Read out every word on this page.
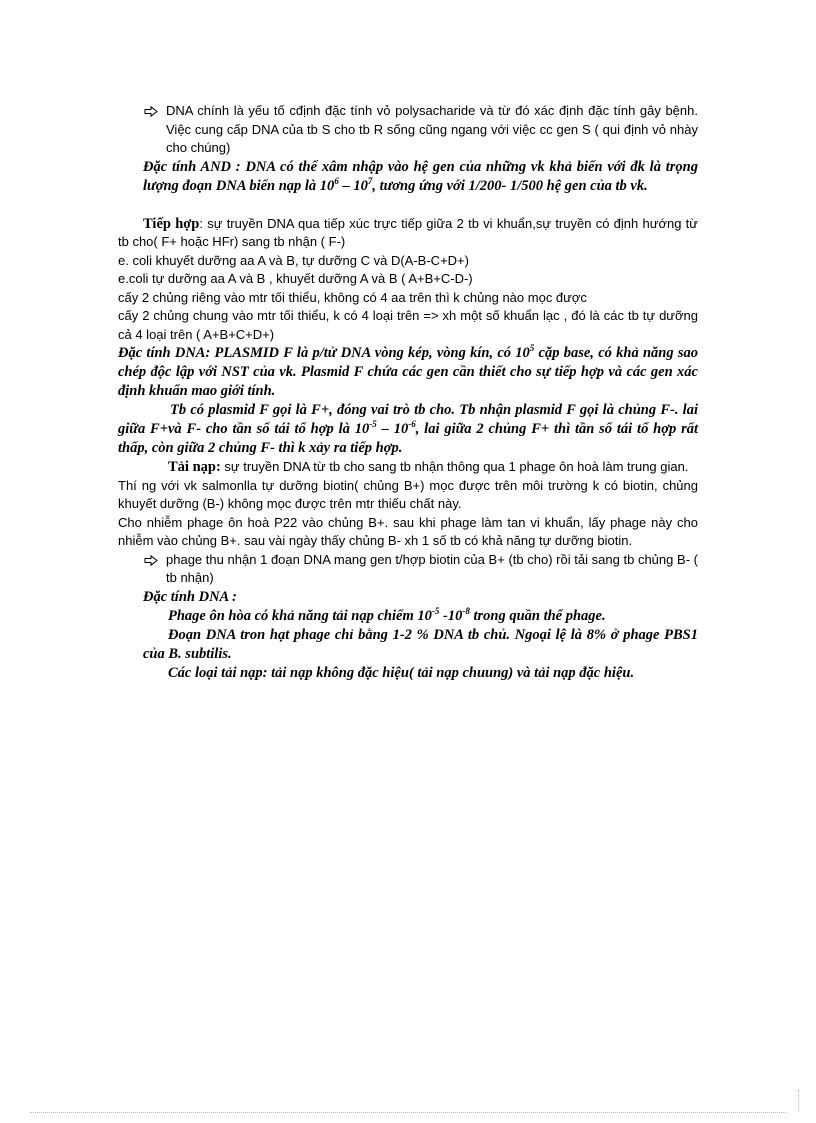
DNA chính là yếu tố cđịnh đặc tính vỏ polysacharide và từ đó xác định đặc tính gây bệnh. Việc cung cấp DNA của tb S cho tb R sống cũng ngang với việc cc gen S ( qui định vỏ nhày cho chúng)

Đặc tính AND : DNA có thể xâm nhập vào hệ gen của những vk khả biến với đk là trọng lượng đoạn DNA biến nạp là $10^6 - 10^7$, tương ứng với 1/200- 1/500 hệ gen của tb vk.

Tiếp hợp: sự truyền DNA qua tiếp xúc trực tiếp giữa 2 tb vi khuẩn,sự truyền có định hướng từ tb cho( F+ hoặc HFr) sang tb nhận ( F-)

e. coli khuyết dưỡng aa A và B, tự dưỡng C và D(A-B-C+D+)

e.coli tự dưỡng aa A và B , khuyết dưỡng A và B ( A+B+C-D-)

cấy 2 chủng riêng vào mtr tối thiểu, không có 4 aa trên thì k chủng nào mọc được

cấy 2 chủng chung vào mtr tối thiểu, k có 4 loại trên => xh một số khuẩn lạc , đó là các tb tự dưỡng cả 4 loại trên ( A+B+C+D+)

Đặc tính DNA: PLASMID F là p/tử DNA vòng kép, vòng kín, có $10^5$ cặp base, có khả năng sao chép độc lập với NST của vk. Plasmid F chứa các gen cần thiết cho sự tiếp hợp và các gen xác định khuẩn mao giới tính.

Tb có plasmid F gọi là F+, đóng vai trò tb cho. Tb nhận plasmid F gọi là chủng F-. lai giữa F+và F- cho tần số tái tổ hợp là $10^{-5} - 10^{-6}$, lai giữa 2 chủng F+ thì tần số tái tổ hợp rất thấp, còn giữa 2 chủng F- thì k xảy ra tiếp hợp.

Tải nạp: sự truyền DNA từ tb cho sang tb nhận thông qua 1 phage ôn hoà làm trung gian.

Thí ng với vk salmonlla tự dưỡng biotin( chủng B+) mọc được trên môi trường k có biotin, chủng khuyết dưỡng (B-) không mọc được trên mtr thiếu chất này.

Cho nhiễm phage ôn hoà P22 vào chủng B+. sau khi phage làm tan vi khuẩn, lấy phage này cho nhiễm vào chủng B+. sau vài ngày thấy chủng B- xh 1 số tb có khả năng tự dưỡng biotin.

phage thu nhận 1 đoạn DNA mang gen t/hợp biotin của B+ (tb cho) rồi tải sang tb chủng B- ( tb nhận)

Đặc tính DNA :

Phage ôn hòa có khả năng tải nạp chiếm $10^{-5}$ $-10^{-8}$ trong quần thể phage.

Đoạn DNA tron hạt phage chỉ bằng 1-2 % DNA tb chủ. Ngoại lệ là 8% ở phage PBS1 của B. subtilis.

Các loại tải nạp: tải nạp không đặc hiệu( tải nạp chuung) và tải nạp đặc hiệu.
